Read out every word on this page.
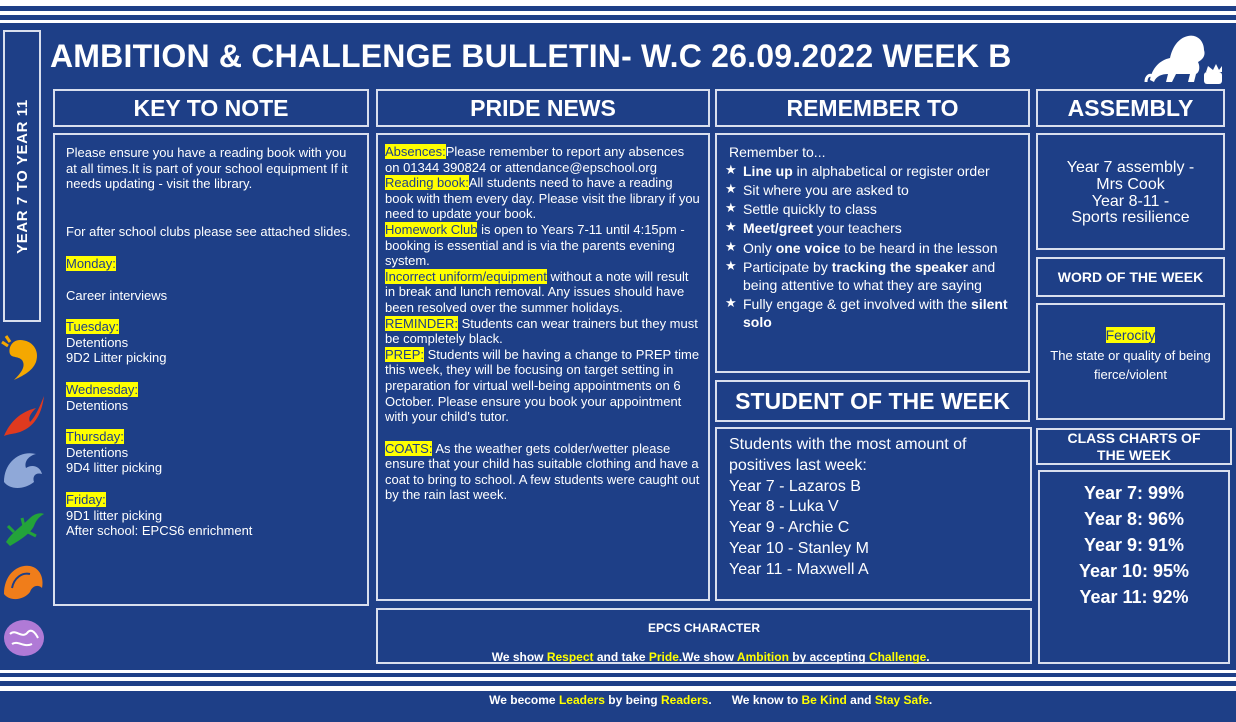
YEAR 7 TO YEAR 11
AMBITION & CHALLENGE BULLETIN- W.C 26.09.2022 WEEK B
KEY TO NOTE

Please ensure you have a reading book with you at all times.It is part of your school equipment If it needs updating - visit the library.

For after school clubs please see attached slides.

Monday:

Career interviews

Tuesday:
Detentions
9D2 Litter picking

Wednesday:
Detentions

Thursday:
Detentions
9D4 litter picking

Friday:
9D1 litter picking
After school: EPCS6 enrichment

PRIDE NEWS

Absences:Please remember to report any absences on 01344 390824 or attendance@epschool.org

Reading book:All students need to have a reading book with them every day. Please visit the library if you need to update your book.

Homework Club is open to Years 7-11 until 4:15pm - booking is essential and is via the parents evening system.

Incorrect uniform/equipment without a note will result in break and lunch removal. Any issues should have been resolved over the summer holidays.

REMINDER: Students can wear trainers but they must be completely black.

PREP: Students will be having a change to PREP time this week, they will be focusing on target setting in preparation for virtual well-being appointments on 6 October. Please ensure you book your appointment with your child's tutor.

COATS: As the weather gets colder/wetter please ensure that your child has suitable clothing and have a coat to bring to school. A few students were caught out by the rain last week.

REMEMBER TO

Remember to...

★ Line up in alphabetical or register order
★ Sit where you are asked to
★ Settle quickly to class
★ Meet/greet your teachers
★ Only one voice to be heard in the lesson
★ Participate by tracking the speaker and being attentive to what they are saying
★ Fully engage & get involved with the silent solo
STUDENT OF THE WEEK

Students with the most amount of positives last week:

Year 7 - Lazaros B

Year 8 - Luka V

Year 9 - Archie C

Year 10 - Stanley M

Year 11 - Maxwell A

ASSEMBLY
Year 7 assembly -
Mrs Cook
Year 8-11 -
Sports resilience
WORD OF THE WEEK
Ferocity
The state or quality of being fierce/violent
CLASS CHARTS OF THE WEEK

Year 7: 99%

Year 8: 96%

Year 9: 91%

Year 10: 95%

Year 11: 92%

EPCS CHARACTER

We show Respect and take Pride.We show Ambition by accepting Challenge.

We become Leaders by being Readers.      We know to Be Kind and Stay Safe.
